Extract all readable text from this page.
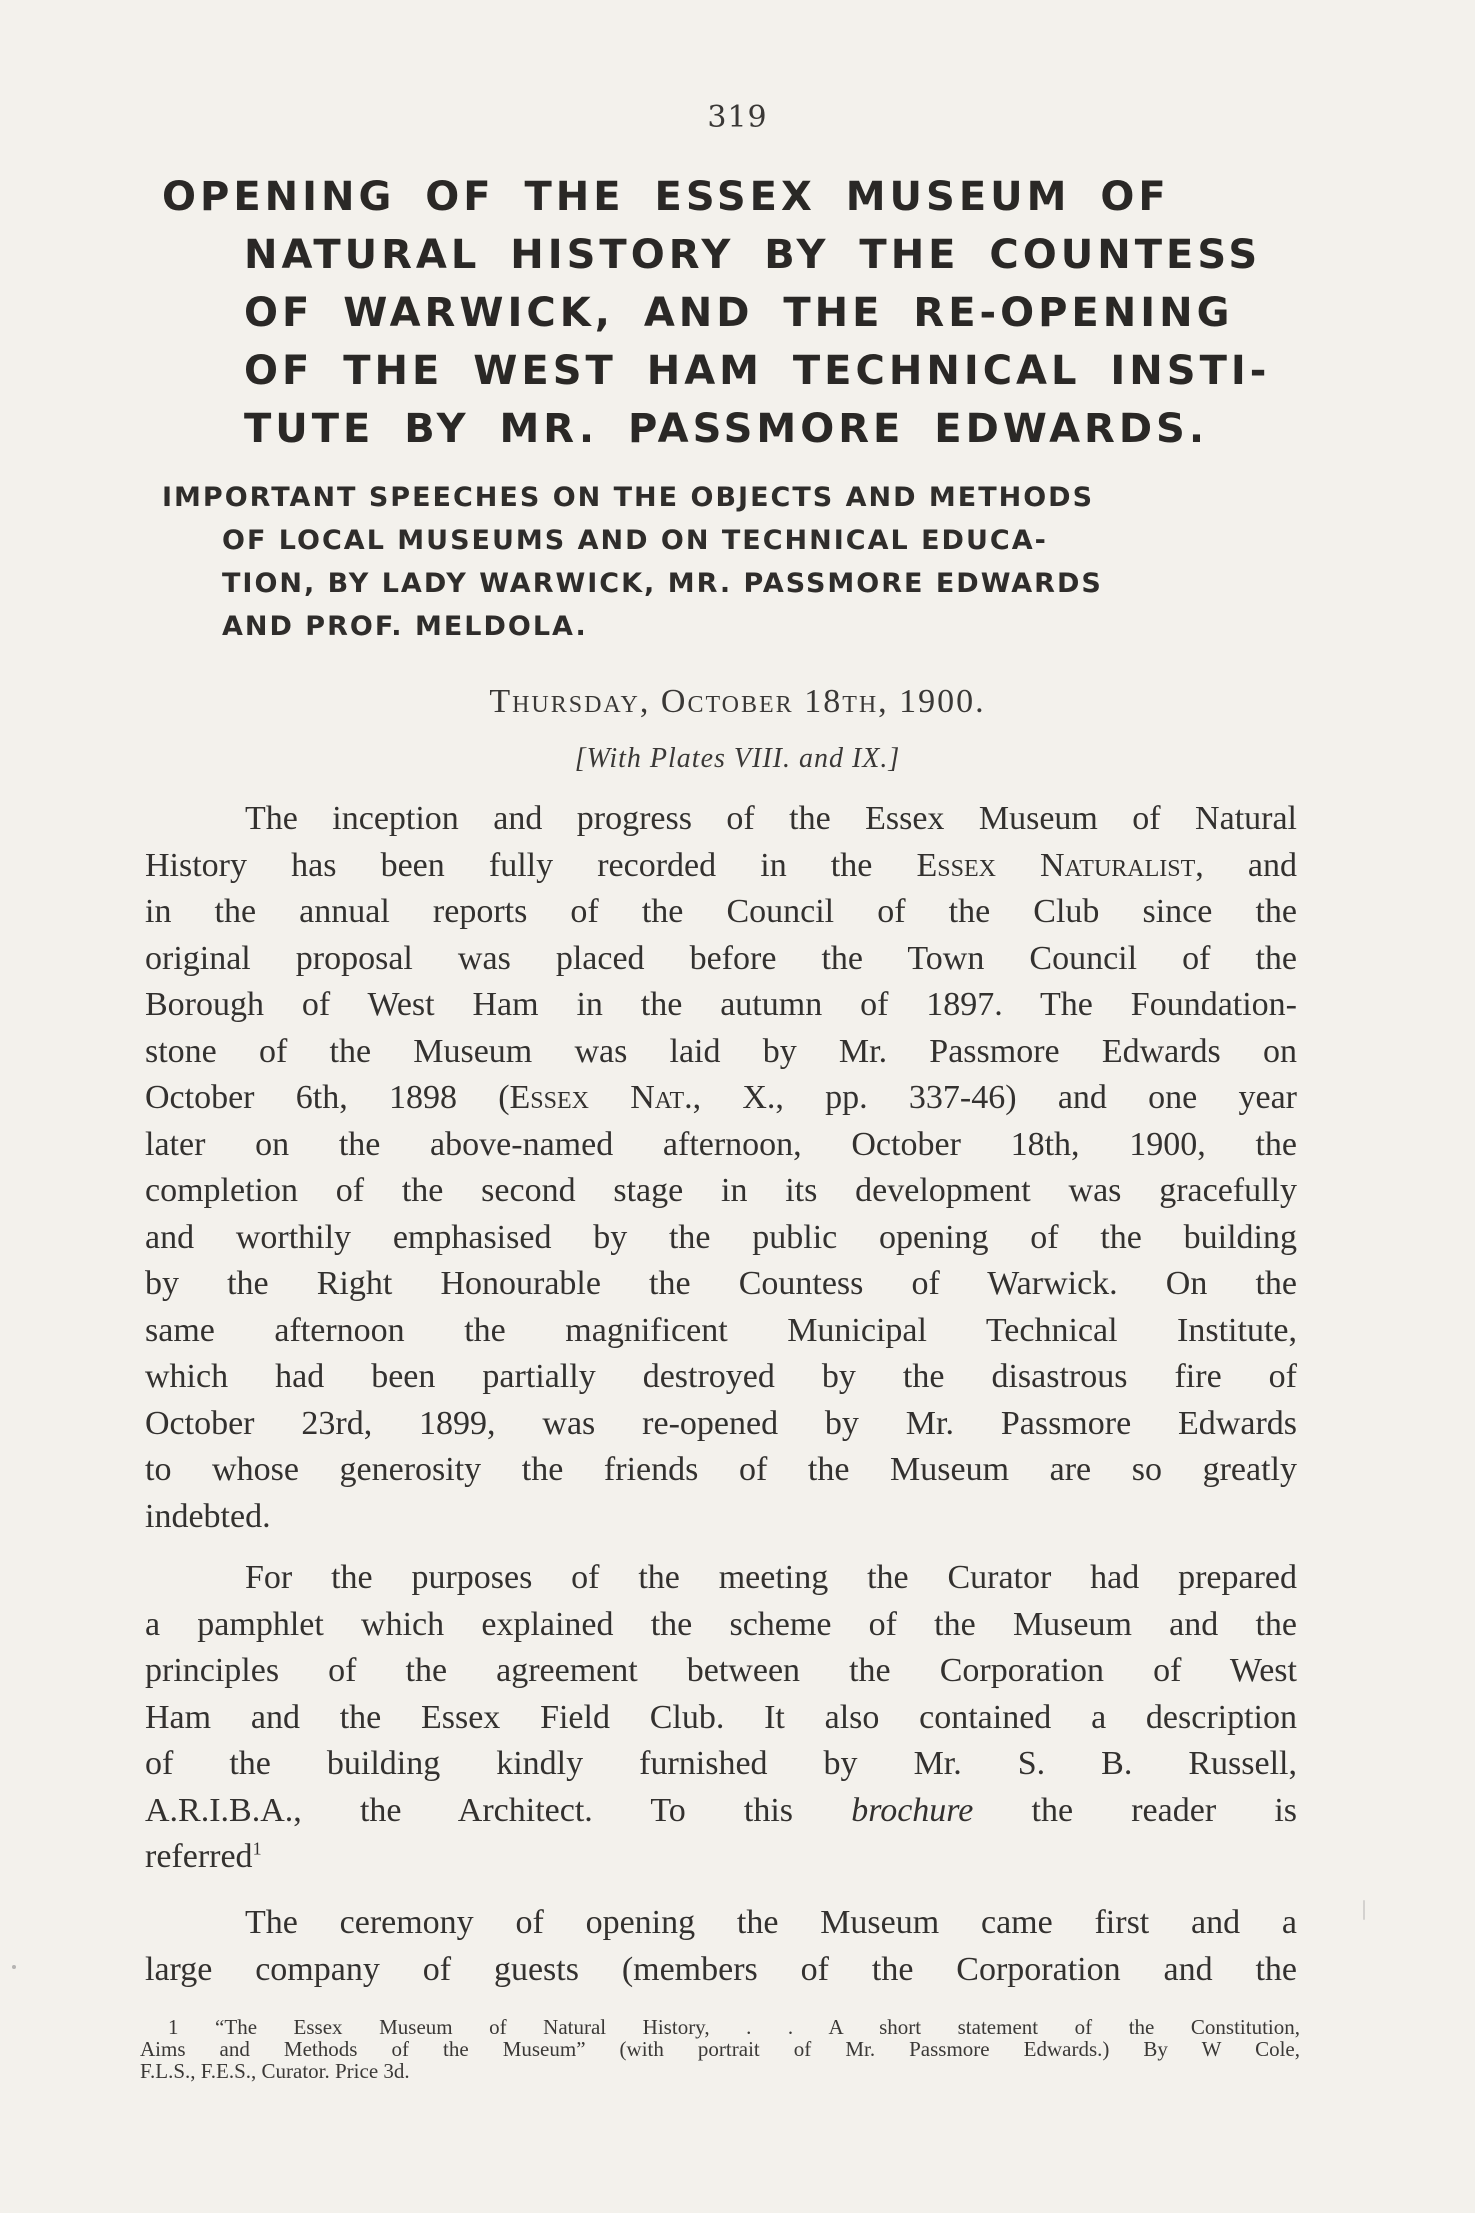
319
OPENING OF THE ESSEX MUSEUM OF
NATURAL HISTORY BY THE COUNTESS
OF WARWICK, AND THE RE-OPENING
OF THE WEST HAM TECHNICAL INSTI-
TUTE BY MR. PASSMORE EDWARDS.
IMPORTANT SPEECHES ON THE OBJECTS AND METHODS
OF LOCAL MUSEUMS AND ON TECHNICAL EDUCA-
TION, BY LADY WARWICK, MR. PASSMORE EDWARDS
AND PROF. MELDOLA.
Thursday, October 18th, 1900.
[With Plates VIII. and IX.]

The inception and progress of the Essex Museum of Natural
History has been fully recorded in the Essex Naturalist, and
in the annual reports of the Council of the Club since the
original proposal was placed before the Town Council of the
Borough of West Ham in the autumn of 1897. The Foundation-
stone of the Museum was laid by Mr. Passmore Edwards on
October 6th, 1898 (Essex Nat., X., pp. 337-46) and one year
later on the above-named afternoon, October 18th, 1900, the
completion of the second stage in its development was gracefully
and worthily emphasised by the public opening of the building
by the Right Honourable the Countess of Warwick. On the
same afternoon the magnificent Municipal Technical Institute,
which had been partially destroyed by the disastrous fire of
October 23rd, 1899, was re-opened by Mr. Passmore Edwards
to whose generosity the friends of the Museum are so greatly
indebted.

For the purposes of the meeting the Curator had prepared
a pamphlet which explained the scheme of the Museum and the
principles of the agreement between the Corporation of West
Ham and the Essex Field Club. It also contained a description
of the building kindly furnished by Mr. S. B. Russell,
A.R.I.B.A., the Architect. To this brochure the reader is
referred$^1$

The ceremony of opening the Museum came first and a
large company of guests (members of the Corporation and the

1 “The Essex Museum of Natural History, . . A short statement of the Constitution,
Aims and Methods of the Museum” (with portrait of Mr. Passmore Edwards.) By W Cole,
F.L.S., F.E.S., Curator. Price 3d.
